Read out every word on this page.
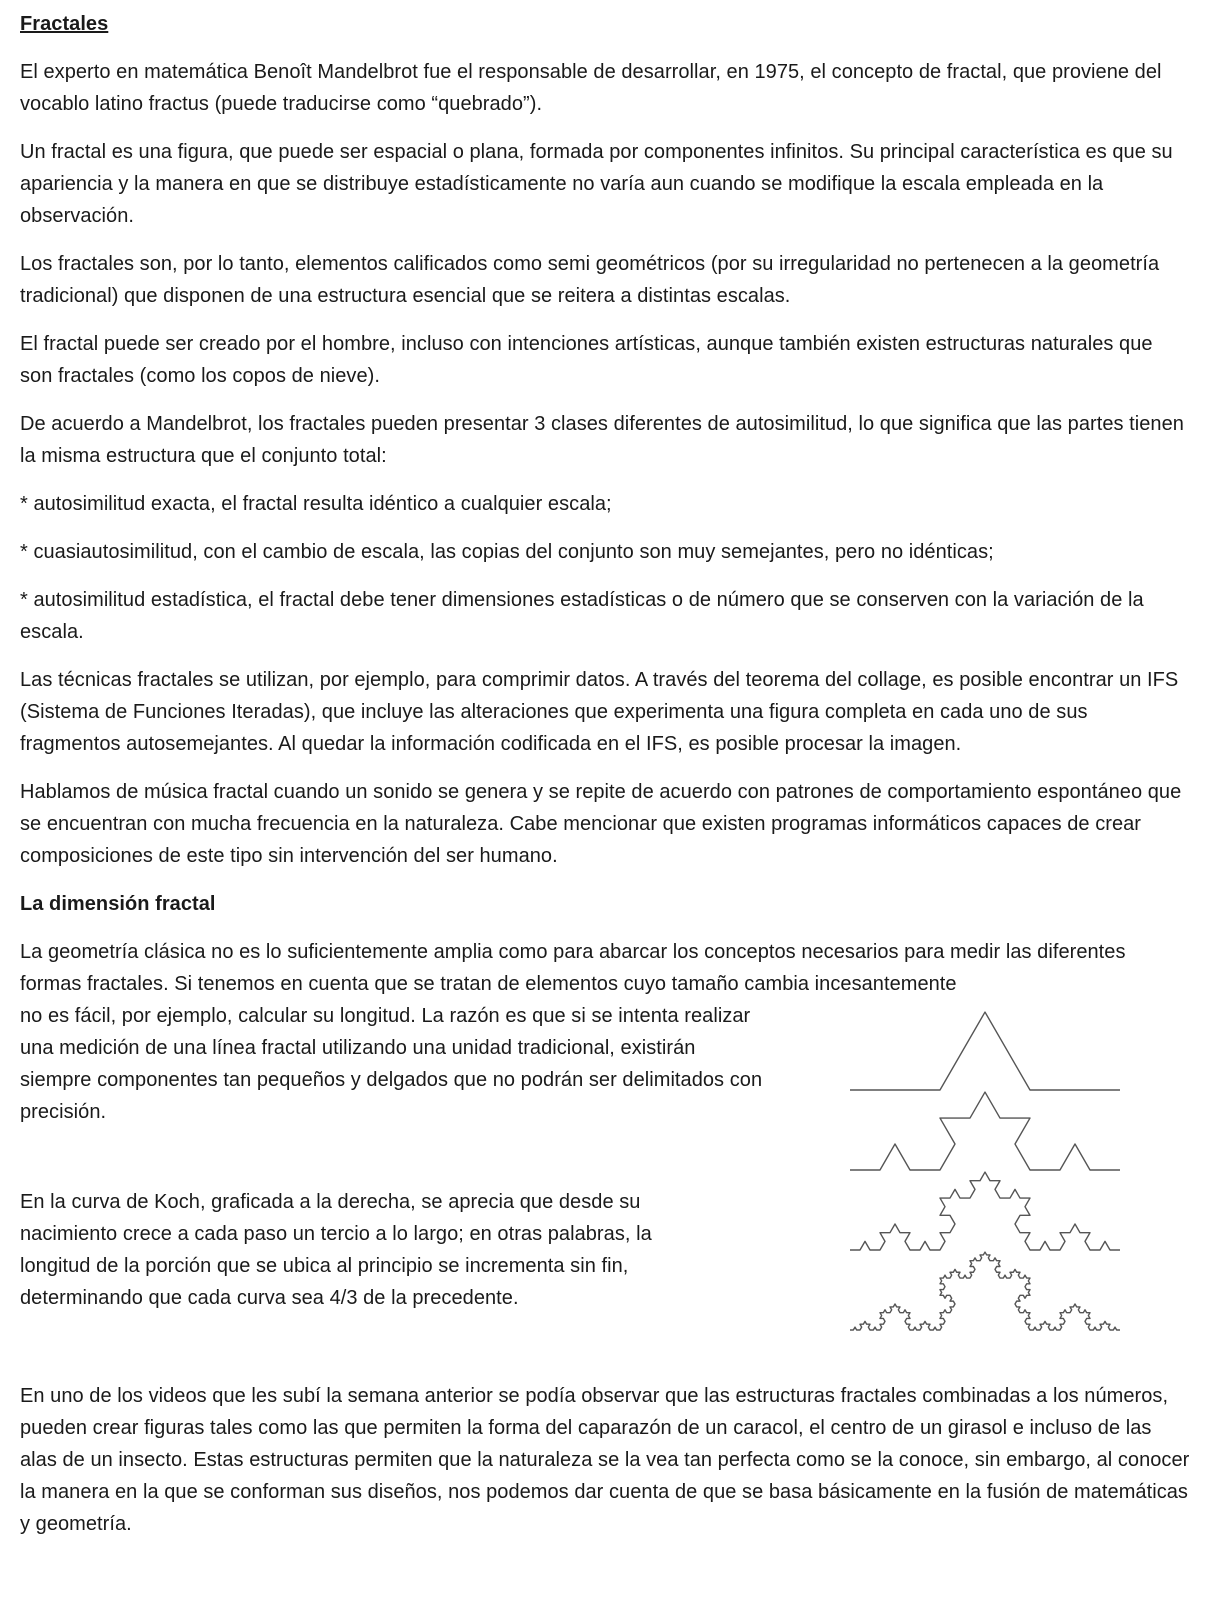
Fractales

El experto en matemática Benoît Mandelbrot fue el responsable de desarrollar, en 1975, el concepto de fractal, que proviene del vocablo latino fractus (puede traducirse como “quebrado”).

Un fractal es una figura, que puede ser espacial o plana, formada por componentes infinitos. Su principal característica es que su apariencia y la manera en que se distribuye estadísticamente no varía aun cuando se modifique la escala empleada en la observación.

Los fractales son, por lo tanto, elementos calificados como semi geométricos (por su irregularidad no pertenecen a la geometría tradicional) que disponen de una estructura esencial que se reitera a distintas escalas.

El fractal puede ser creado por el hombre, incluso con intenciones artísticas, aunque también existen estructuras naturales que son fractales (como los copos de nieve).

De acuerdo a Mandelbrot, los fractales pueden presentar 3 clases diferentes de autosimilitud, lo que significa que las partes tienen la misma estructura que el conjunto total:

* autosimilitud exacta, el fractal resulta idéntico a cualquier escala;

* cuasiautosimilitud, con el cambio de escala, las copias del conjunto son muy semejantes, pero no idénticas;

* autosimilitud estadística, el fractal debe tener dimensiones estadísticas o de número que se conserven con la variación de la escala.

Las técnicas fractales se utilizan, por ejemplo, para comprimir datos. A través del teorema del collage, es posible encontrar un IFS (Sistema de Funciones Iteradas), que incluye las alteraciones que experimenta una figura completa en cada uno de sus fragmentos autosemejantes. Al quedar la información codificada en el IFS, es posible procesar la imagen.

Hablamos de música fractal cuando un sonido se genera y se repite de acuerdo con patrones de comportamiento espontáneo que se encuentran con mucha frecuencia en la naturaleza. Cabe mencionar que existen programas informáticos capaces de crear composiciones de este tipo sin intervención del ser humano.

La dimensión fractal

La geometría clásica no es lo suficientemente amplia como para abarcar los conceptos necesarios para medir las diferentes formas fractales. Si tenemos en cuenta que se tratan de elementos cuyo tamaño cambia incesantemente

no es fácil, por ejemplo, calcular su longitud. La razón es que si se intenta realizar una medición de una línea fractal utilizando una unidad tradicional, existirán siempre componentes tan pequeños y delgados que no podrán ser delimitados con precisión.

En la curva de Koch, graficada a la derecha, se aprecia que desde su nacimiento crece a cada paso un tercio a lo largo; en otras palabras, la longitud de la porción que se ubica al principio se incrementa sin fin, determinando que cada curva sea 4/3 de la precedente.

En uno de los videos que les subí la semana anterior se podía observar que las estructuras fractales combinadas a los números, pueden crear figuras tales como las que permiten la forma del caparazón de un caracol, el centro de un girasol e incluso de las alas de un insecto. Estas estructuras permiten que la naturaleza se la vea tan perfecta como se la conoce, sin embargo, al conocer la manera en la que se conforman sus diseños, nos podemos dar cuenta de que se basa básicamente en la fusión de matemáticas y geometría.
